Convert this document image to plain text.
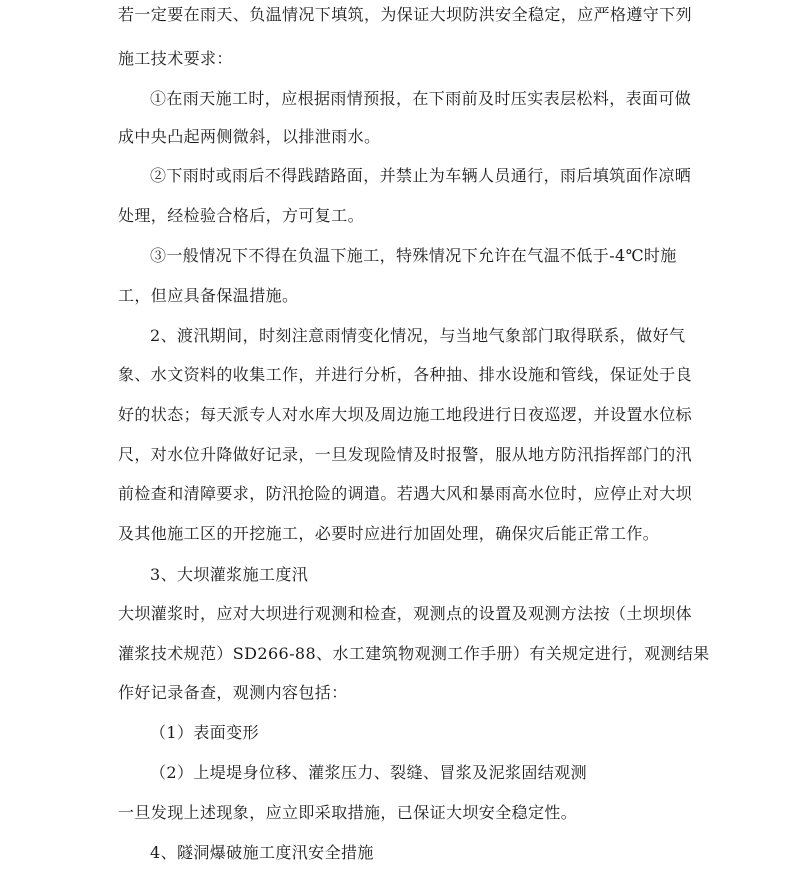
若一定要在雨天、负温情况下填筑，为保证大坝防洪安全稳定，应严格遵守下列
施工技术要求：
①在雨天施工时，应根据雨情预报，在下雨前及时压实表层松料，表面可做
成中央凸起两侧微斜，以排泄雨水。
②下雨时或雨后不得践踏路面，并禁止为车辆人员通行，雨后填筑面作凉晒
处理，经检验合格后，方可复工。
③一般情况下不得在负温下施工，特殊情况下允许在气温不低于-4℃时施
工，但应具备保温措施。
2、渡汛期间，时刻注意雨情变化情况，与当地气象部门取得联系，做好气
象、水文资料的收集工作，并进行分析，各种抽、排水设施和管线，保证处于良
好的状态；每天派专人对水库大坝及周边施工地段进行日夜巡逻，并设置水位标
尺，对水位升降做好记录，一旦发现险情及时报警，服从地方防汛指挥部门的汛
前检查和清障要求，防汛抢险的调遣。若遇大风和暴雨高水位时，应停止对大坝
及其他施工区的开挖施工，必要时应进行加固处理，确保灾后能正常工作。
3、大坝灌浆施工度汛
大坝灌浆时，应对大坝进行观测和检查，观测点的设置及观测方法按（土坝坝体
灌浆技术规范）SD266-88、水工建筑物观测工作手册）有关规定进行，观测结果
作好记录备查，观测内容包括：
（1）表面变形
（2）上堤堤身位移、灌浆压力、裂缝、冒浆及泥浆固结观测
一旦发现上述现象，应立即采取措施，已保证大坝安全稳定性。
4、隧洞爆破施工度汛安全措施
